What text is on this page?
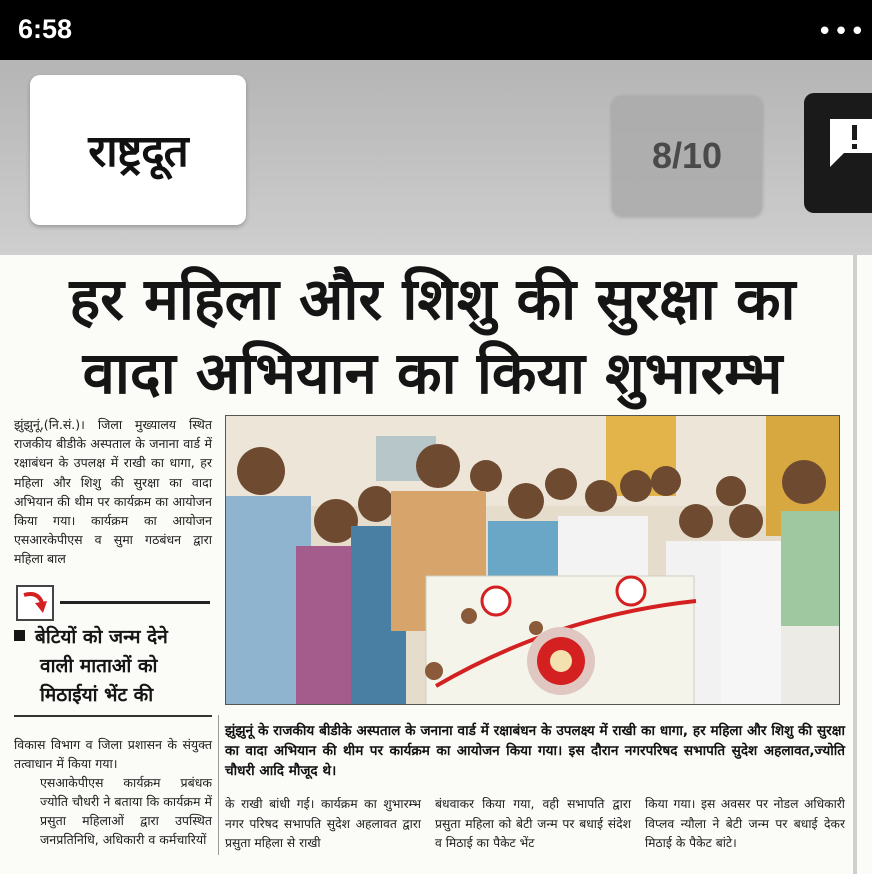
6:58	•••
राष्ट्रदूत	8/10
हर महिला और शिशु की सुरक्षा का
वादा अभियान का किया शुभारम्भ
झुंझुनूं,(नि.सं.)। जिला मुख्यालय स्थित राजकीय बीडीके अस्पताल के जनाना वार्ड में रक्षाबंधन के उपलक्ष में राखी का धागा, हर महिला और शिशु की सुरक्षा का वादा अभियान की थीम पर कार्यक्रम का आयोजन किया गया। कार्यक्रम का आयोजन एसआरकेपीएस व सुमा गठबंधन द्वारा महिला बाल
बेटियों को जन्म देने
वाली माताओं को
मिठाईयां भेंट की
झुंझुनूं के राजकीय बीडीके अस्पताल के जनाना वार्ड में रक्षाबंधन के उपलक्ष्य में राखी का धागा, हर महिला और शिशु की सुरक्षा का वादा अभियान की थीम पर कार्यक्रम का आयोजन किया गया। इस दौरान नगरपरिषद सभापति सुदेश अहलावत,ज्योति चौधरी आदि मौजूद थे।
विकास विभाग व जिला प्रशासन के संयुक्त तत्वाधान में किया गया।
एसआकेपीएस कार्यक्रम प्रबंधक ज्योति चौधरी ने बताया कि कार्यक्रम में प्रसुता महिलाओं द्वारा उपस्थित जनप्रतिनिधि, अधिकारी व कर्मचारियों
के राखी बांधी गई। कार्यक्रम का शुभारम्भ नगर परिषद सभापति सुदेश अहलावत द्वारा प्रसुता महिला से राखी
बंधवाकर किया गया, वही सभापति द्वारा प्रसुता महिला को बेटी जन्म पर बधाई संदेश व मिठाई का पैकेट भेंट
किया गया। इस अवसर पर नोडल अधिकारी विप्लव न्यौला ने बेटी जन्म पर बधाई देकर मिठाई के पैकेट बांटे।
